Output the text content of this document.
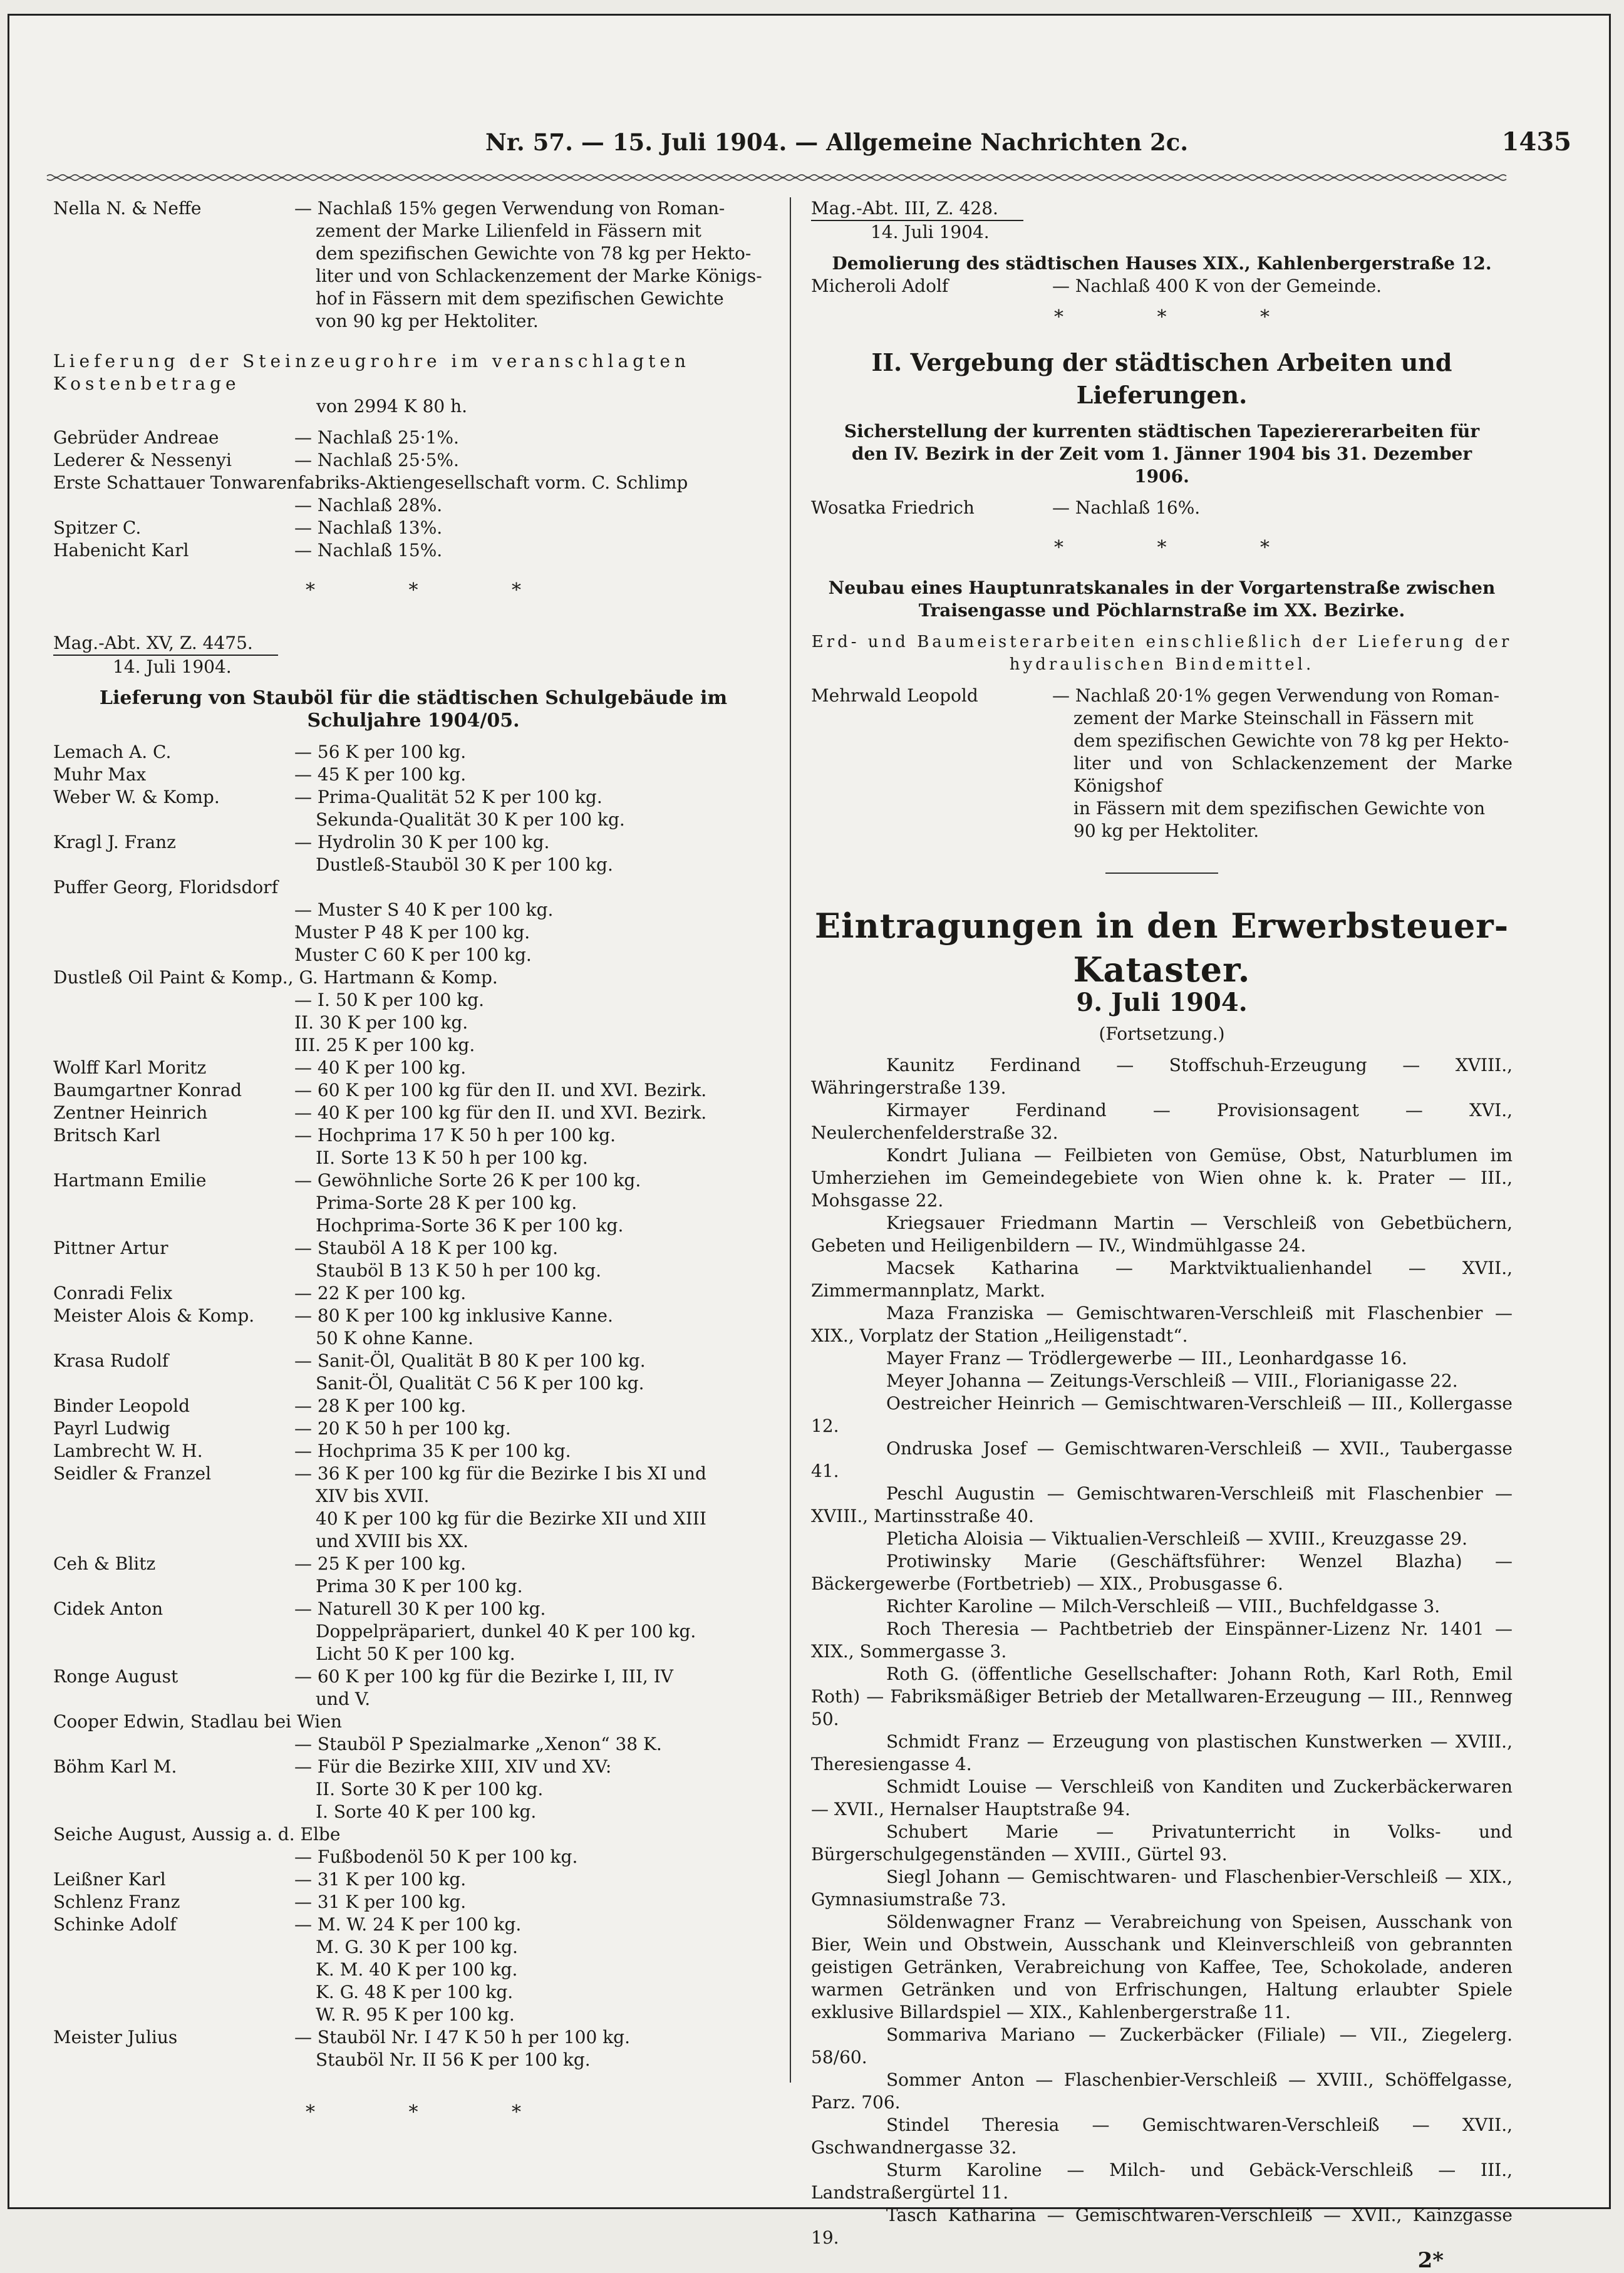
Nr. 57. — 15. Juli 1904. — Allgemeine Nachrichten 2c.	1435
Nella N. & Neffe	— Nachlaß 15% gegen Verwendung von Roman-
zement der Marke Lilienfeld in Fässern mit
dem spezifischen Gewichte von 78 kg per Hekto-
liter und von Schlackenzement der Marke Königs-
hof in Fässern mit dem spezifischen Gewichte
von 90 kg per Hektoliter.
Lieferung der Steinzeugrohre im veranschlagten Kostenbetrage
von 2994 K 80 h.
Gebrüder Andreae	— Nachlaß 25·1%.
Lederer & Nessenyi	— Nachlaß 25·5%.
Erste Schattauer Tonwarenfabriks-Aktiengesellschaft vorm. C. Schlimp
— Nachlaß 28%.
Spitzer C.	— Nachlaß 13%.
Habenicht Karl	— Nachlaß 15%.
* * *
Mag.-Abt. XV, Z. 4475.
14. Juli 1904.
Lieferung von Stauböl für die städtischen Schulgebäude im Schuljahre 1904/05.
Lemach A. C.	— 56 K per 100 kg.
Muhr Max	— 45 K per 100 kg.
Weber W. & Komp.	— Prima-Qualität 52 K per 100 kg.
Sekunda-Qualität 30 K per 100 kg.
Kragl J. Franz	— Hydrolin 30 K per 100 kg.
Dustleß-Stauböl 30 K per 100 kg.
Puffer Georg, Floridsdorf

— Muster S 40 K per 100 kg.
Muster P 48 K per 100 kg.
Muster C 60 K per 100 kg.
Dustleß Oil Paint & Komp., G. Hartmann & Komp.

— I. 50 K per 100 kg.
II. 30 K per 100 kg.
III. 25 K per 100 kg.
Wolff Karl Moritz	— 40 K per 100 kg.
Baumgartner Konrad	— 60 K per 100 kg für den II. und XVI. Bezirk.
Zentner Heinrich	— 40 K per 100 kg für den II. und XVI. Bezirk.
Britsch Karl	— Hochprima 17 K 50 h per 100 kg.
II. Sorte 13 K 50 h per 100 kg.
Hartmann Emilie	— Gewöhnliche Sorte 26 K per 100 kg.
Prima-Sorte 28 K per 100 kg.
Hochprima-Sorte 36 K per 100 kg.
Pittner Artur	— Stauböl A 18 K per 100 kg.
Stauböl B 13 K 50 h per 100 kg.
Conradi Felix	— 22 K per 100 kg.
Meister Alois & Komp.	— 80 K per 100 kg inklusive Kanne.
50 K ohne Kanne.
Krasa Rudolf	— Sanit-Öl, Qualität B 80 K per 100 kg.
Sanit-Öl, Qualität C 56 K per 100 kg.
Binder Leopold	— 28 K per 100 kg.
Payrl Ludwig	— 20 K 50 h per 100 kg.
Lambrecht W. H.	— Hochprima 35 K per 100 kg.
Seidler & Franzel	— 36 K per 100 kg für die Bezirke I bis XI und
XIV bis XVII.
40 K per 100 kg für die Bezirke XII und XIII
und XVIII bis XX.
Ceh & Blitz	— 25 K per 100 kg.
Prima 30 K per 100 kg.
Cidek Anton	— Naturell 30 K per 100 kg.
Doppelpräpariert, dunkel 40 K per 100 kg.
Licht 50 K per 100 kg.
Ronge August	— 60 K per 100 kg für die Bezirke I, III, IV
und V.
Cooper Edwin, Stadlau bei Wien

— Stauböl P Spezialmarke „Xenon“ 38 K.
Böhm Karl M.	— Für die Bezirke XIII, XIV und XV:
II. Sorte 30 K per 100 kg.
I. Sorte 40 K per 100 kg.
Seiche August, Aussig a. d. Elbe

— Fußbodenöl 50 K per 100 kg.
Leißner Karl	— 31 K per 100 kg.
Schlenz Franz	— 31 K per 100 kg.
Schinke Adolf	— M. W. 24 K per 100 kg.
M. G. 30 K per 100 kg.
K. M. 40 K per 100 kg.
K. G. 48 K per 100 kg.
W. R. 95 K per 100 kg.
Meister Julius	— Stauböl Nr. I 47 K 50 h per 100 kg.
Stauböl Nr. II 56 K per 100 kg.
* * *
Mag.-Abt. III, Z. 428.
14. Juli 1904.
Demolierung des städtischen Hauses XIX., Kahlenbergerstraße 12.
Micheroli Adolf	— Nachlaß 400 K von der Gemeinde.
* * *
II. Vergebung der städtischen Arbeiten und Lieferungen.
Sicherstellung der kurrenten städtischen Tapeziererarbeiten für den IV. Bezirk in der Zeit vom 1. Jänner 1904 bis 31. Dezember 1906.
Wosatka Friedrich	— Nachlaß 16%.
* * *
Neubau eines Hauptunratskanales in der Vorgartenstraße zwischen Traisengasse und Pöchlarnstraße im XX. Bezirke.
Erd- und Baumeisterarbeiten einschließlich der Lieferung der hydraulischen Bindemittel.
Mehrwald Leopold	— Nachlaß 20·1% gegen Verwendung von Roman-
zement der Marke Steinschall in Fässern mit
dem spezifischen Gewichte von 78 kg per Hekto-
liter und von Schlackenzement der Marke Königshof
in Fässern mit dem spezifischen Gewichte von
90 kg per Hektoliter.
Eintragungen in den Erwerbsteuer-Kataster.
9. Juli 1904.
(Fortsetzung.)
Kaunitz Ferdinand — Stoffschuh-Erzeugung — XVIII., Währingerstraße 139.
Kirmayer Ferdinand — Provisionsagent — XVI., Neulerchenfelderstraße 32.
Kondrt Juliana — Feilbieten von Gemüse, Obst, Naturblumen im Umherziehen im Gemeindegebiete von Wien ohne k. k. Prater — III., Mohsgasse 22.
Kriegsauer Friedmann Martin — Verschleiß von Gebetbüchern, Gebeten und Heiligenbildern — IV., Windmühlgasse 24.
Macsek Katharina — Marktviktualienhandel — XVII., Zimmermannplatz, Markt.
Maza Franziska — Gemischtwaren-Verschleiß mit Flaschenbier — XIX., Vorplatz der Station „Heiligenstadt“.
Mayer Franz — Trödlergewerbe — III., Leonhardgasse 16.
Meyer Johanna — Zeitungs-Verschleiß — VIII., Florianigasse 22.
Oestreicher Heinrich — Gemischtwaren-Verschleiß — III., Kollergasse 12.
Ondruska Josef — Gemischtwaren-Verschleiß — XVII., Taubergasse 41.
Peschl Augustin — Gemischtwaren-Verschleiß mit Flaschenbier — XVIII., Martinsstraße 40.
Pleticha Aloisia — Viktualien-Verschleiß — XVIII., Kreuzgasse 29.
Protiwinsky Marie (Geschäftsführer: Wenzel Blazha) — Bäckergewerbe (Fortbetrieb) — XIX., Probusgasse 6.
Richter Karoline — Milch-Verschleiß — VIII., Buchfeldgasse 3.
Roch Theresia — Pachtbetrieb der Einspänner-Lizenz Nr. 1401 — XIX., Sommergasse 3.
Roth G. (öffentliche Gesellschafter: Johann Roth, Karl Roth, Emil Roth) — Fabriksmäßiger Betrieb der Metallwaren-Erzeugung — III., Rennweg 50.
Schmidt Franz — Erzeugung von plastischen Kunstwerken — XVIII., Theresiengasse 4.
Schmidt Louise — Verschleiß von Kanditen und Zuckerbäckerwaren — XVII., Hernalser Hauptstraße 94.
Schubert Marie — Privatunterricht in Volks- und Bürgerschulgegenständen — XVIII., Gürtel 93.
Siegl Johann — Gemischtwaren- und Flaschenbier-Verschleiß — XIX., Gymnasiumstraße 73.
Söldenwagner Franz — Verabreichung von Speisen, Ausschank von Bier, Wein und Obstwein, Ausschank und Kleinverschleiß von gebrannten geistigen Getränken, Verabreichung von Kaffee, Tee, Schokolade, anderen warmen Getränken und von Erfrischungen, Haltung erlaubter Spiele exklusive Billardspiel — XIX., Kahlenbergerstraße 11.
Sommariva Mariano — Zuckerbäcker (Filiale) — VII., Ziegelerg. 58/60.
Sommer Anton — Flaschenbier-Verschleiß — XVIII., Schöffelgasse, Parz. 706.
Stindel Theresia — Gemischtwaren-Verschleiß — XVII., Gschwandnergasse 32.
Sturm Karoline — Milch- und Gebäck-Verschleiß — III., Landstraßergürtel 11.
Tasch Katharina — Gemischtwaren-Verschleiß — XVII., Kainzgasse 19.
2*
